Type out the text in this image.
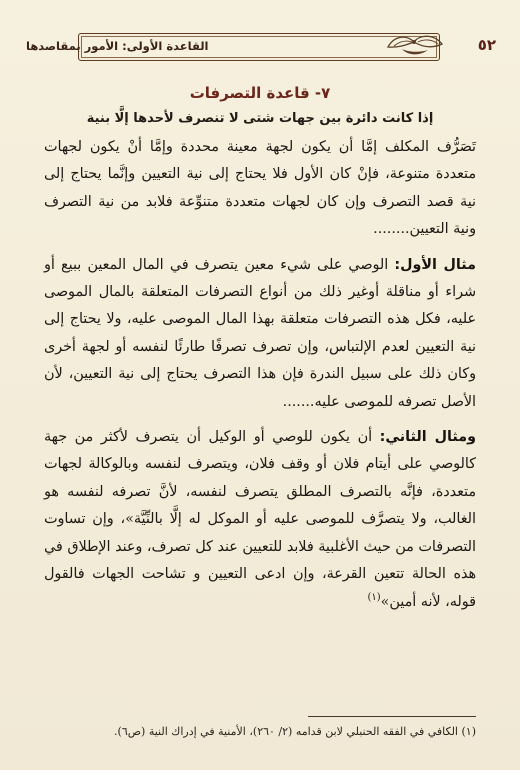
٥٢
القاعدة الأولى: الأمور بمقاصدها
٧- قاعدة التصرفات
إذا كانت دائرة بين جهات شتى لا تنصرف لأحدها إلَّا بنية

تَصَرُّف المكلف إمَّا أن يكون لجهة معينة محددة وإمَّا أنْ يكون لجهات متعددة متنوعة، فإنْ كان الأول فلا يحتاج إلى نية التعيين وإنَّما يحتاج إلى نية قصد التصرف وإن كان لجهات متعددة متنوِّعة فلابد من نية التصرف ونية التعيين........

مثال الأول: الوصي على شيء معين يتصرف في المال المعين ببيع أو شراء أو مناقلة أوغير ذلك من أنواع التصرفات المتعلقة بالمال الموصى عليه، فكل هذه التصرفات متعلقة بهذا المال الموصى عليه، ولا يحتاج إلى نية التعيين لعدم الإلتباس، وإن تصرف تصرفًا طارئًا لنفسه أو لجهة أخرى وكان ذلك على سبيل الندرة فإن هذا التصرف يحتاج إلى نية التعيين، لأن الأصل تصرفه للموصى عليه.......

ومثال الثاني: أن يكون للوصي أو الوكيل أن يتصرف لأكثر من جهة كالوصي على أيتام فلان أو وقف فلان، ويتصرف لنفسه وبالوكالة لجهات متعددة، فإنَّه بالتصرف المطلق يتصرف لنفسه، لأنَّ تصرفه لنفسه هو الغالب، ولا يتصرَّف للموصى عليه أو الموكل له إلَّا بالنِّيَّة»، وإن تساوت التصرفات من حيث الأغلبية فلابد للتعيين عند كل تصرف، وعند الإطلاق في هذه الحالة تتعين القرعة، وإن ادعى التعيين و تشاحت الجهات فالقول قوله، لأنه أمين»$^{(١)}$

(١) الكافي في الفقه الحنبلي لابن قدامه (٢/ ٢٦٠)، الأمنية في إدراك النية (ص٦).
